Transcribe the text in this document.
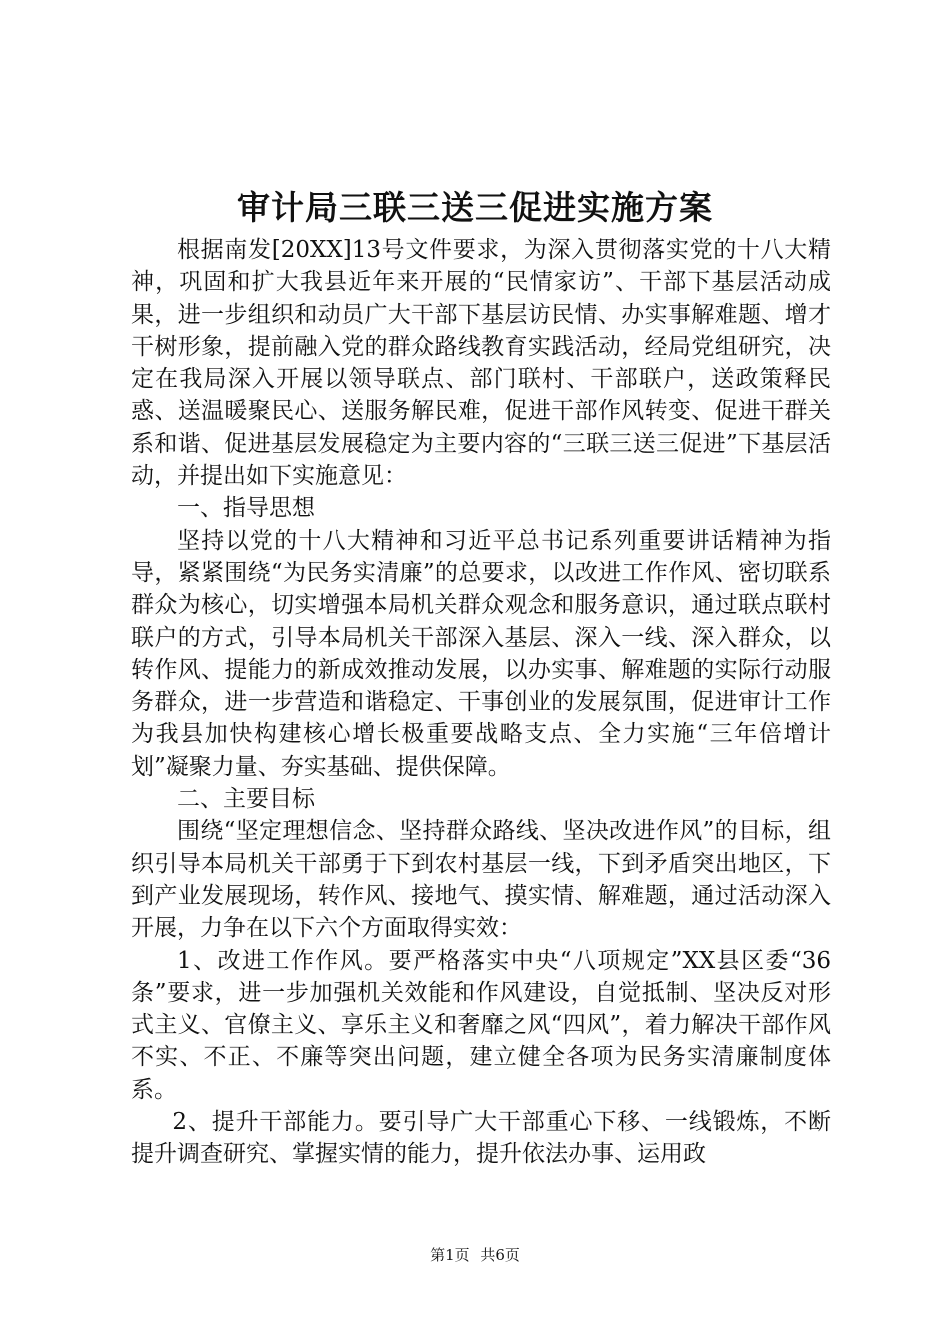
审计局三联三送三促进实施方案

根据南发[20XX]13号文件要求，为深入贯彻落实党的十八大精神，巩固和扩大我县近年来开展的“民情家访”、干部下基层活动成果，进一步组织和动员广大干部下基层访民情、办实事解难题、增才干树形象，提前融入党的群众路线教育实践活动，经局党组研究，决定在我局深入开展以领导联点、部门联村、干部联户，送政策释民惑、送温暖聚民心、送服务解民难，促进干部作风转变、促进干群关系和谐、促进基层发展稳定为主要内容的“三联三送三促进”下基层活动，并提出如下实施意见：

一、指导思想

坚持以党的十八大精神和习近平总书记系列重要讲话精神为指导，紧紧围绕“为民务实清廉”的总要求，以改进工作作风、密切联系群众为核心，切实增强本局机关群众观念和服务意识，通过联点联村联户的方式，引导本局机关干部深入基层、深入一线、深入群众，以转作风、提能力的新成效推动发展，以办实事、解难题的实际行动服务群众，进一步营造和谐稳定、干事创业的发展氛围，促进审计工作为我县加快构建核心增长极重要战略支点、全力实施“三年倍增计划”凝聚力量、夯实基础、提供保障。

二、主要目标

围绕“坚定理想信念、坚持群众路线、坚决改进作风”的目标，组织引导本局机关干部勇于下到农村基层一线，下到矛盾突出地区，下到产业发展现场，转作风、接地气、摸实情、解难题，通过活动深入开展，力争在以下六个方面取得实效：

1、改进工作作风。要严格落实中央“八项规定”XX县区委“36条”要求，进一步加强机关效能和作风建设，自觉抵制、坚决反对形式主义、官僚主义、享乐主义和奢靡之风“四风”，着力解决干部作风不实、不正、不廉等突出问题，建立健全各项为民务实清廉制度体系。

2、提升干部能力。要引导广大干部重心下移、一线锻炼，不断提升调查研究、掌握实情的能力，提升依法办事、运用政

第1页 共6页
